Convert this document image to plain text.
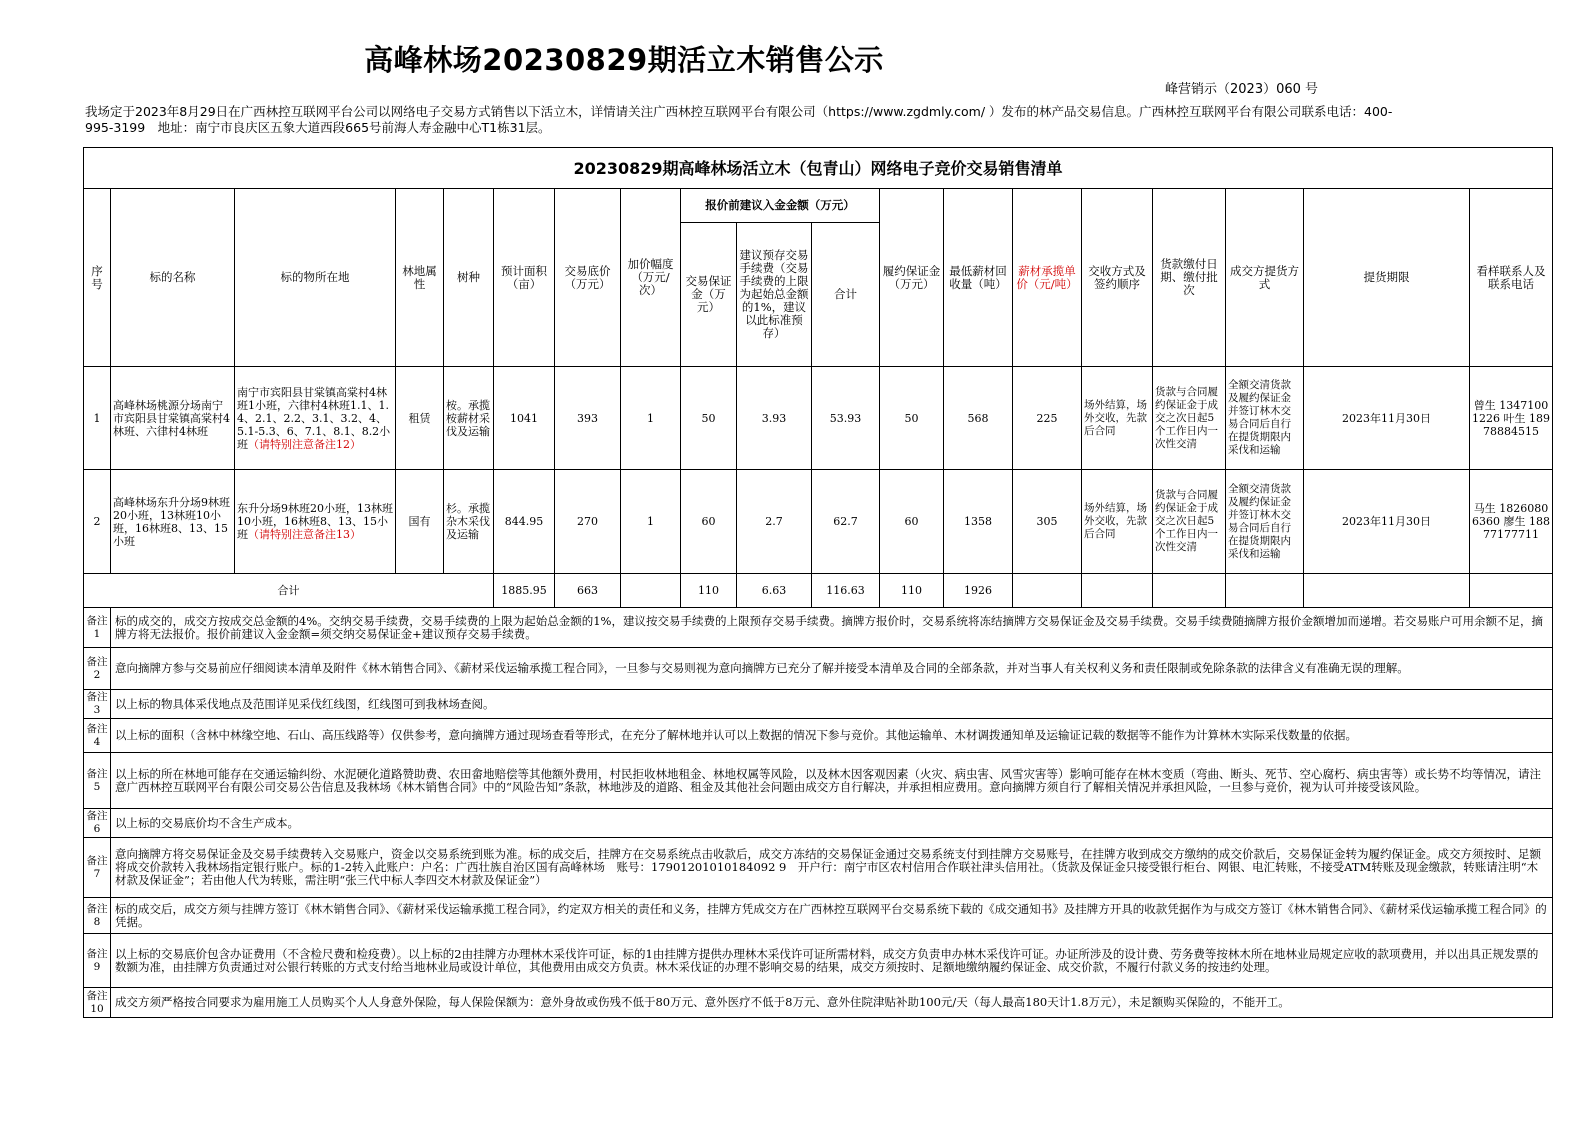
高峰林场20230829期活立木销售公示
峰营销示（2023）060 号
我场定于2023年8月29日在广西林控互联网平台公司以网络电子交易方式销售以下活立木，详情请关注广西林控互联网平台有限公司（https://www.zgdmly.com/ ）发布的林产品交易信息。广西林控互联网平台有限公司联系电话：400-995-3199　地址：南宁市良庆区五象大道西段665号前海人寿金融中心T1栋31层。
20230829期高峰林场活立木（包青山）网络电子竞价交易销售清单																		
序号	标的名称	标的物所在地	林地属性	树种	预计面积（亩）	交易底价（万元）	加价幅度（万元/次）	报价前建议入金金额（万元）			履约保证金（万元）	最低薪材回收量（吨）	薪材承揽单价（元/吨）	交收方式及签约顺序	货款缴付日期、缴付批次	成交方提货方式	提货期限	看样联系人及联系电话
								交易保证金（万元）	建议预存交易手续费（交易手续费的上限为起始总金额的1%，建议以此标准预存）	合计								
1	高峰林场桃源分场南宁市宾阳县甘棠镇高棠村4林班、六律村4林班	南宁市宾阳县甘棠镇高棠村4林班1小班，六律村4林班1.1、1.4、2.1、2.2、3.1、3.2、4、5.1-5.3、6、7.1、8.1、8.2小班（请特别注意备注12）	租赁	桉。承揽桉薪材采伐及运输	1041	393	1	50	3.93	53.93	50	568	225	场外结算，场外交收，先款后合同	货款与合同履约保证金于成交之次日起5个工作日内一次性交清	全额交清货款及履约保证金并签订林木交易合同后自行在提货期限内采伐和运输	2023年11月30日	曾生 13471001226 叶生 18978884515
2	高峰林场东升分场9林班20小班，13林班10小班，16林班8、13、15小班	东升分场9林班20小班，13林班10小班，16林班8、13、15小班（请特别注意备注13）	国有	杉。承揽杂木采伐及运输	844.95	270	1	60	2.7	62.7	60	1358	305	场外结算，场外交收，先款后合同	货款与合同履约保证金于成交之次日起5个工作日内一次性交清	全额交清货款及履约保证金并签订林木交易合同后自行在提货期限内采伐和运输	2023年11月30日	马生 18260806360 廖生 18877177711
合计					1885.95	663		110	6.63	116.63	110	1926						
备注1	标的成交的，成交方按成交总金额的4%。交纳交易手续费，交易手续费的上限为起始总金额的1%，建议按交易手续费的上限预存交易手续费。摘牌方报价时，交易系统将冻结摘牌方交易保证金及交易手续费。交易手续费随摘牌方报价金额增加而递增。若交易账户可用余额不足，摘牌方将无法报价。报价前建议入金金额=须交纳交易保证金+建议预存交易手续费。																	
备注2	意向摘牌方参与交易前应仔细阅读本清单及附件《林木销售合同》、《薪材采伐运输承揽工程合同》，一旦参与交易则视为意向摘牌方已充分了解并接受本清单及合同的全部条款，并对当事人有关权利义务和责任限制或免除条款的法律含义有准确无误的理解。																	
备注3	以上标的物具体采伐地点及范围详见采伐红线图，红线图可到我林场查阅。																	
备注4	以上标的面积（含林中林缘空地、石山、高压线路等）仅供参考，意向摘牌方通过现场查看等形式，在充分了解林地并认可以上数据的情况下参与竞价。其他运输单、木材调拨通知单及运输证记载的数据等不能作为计算林木实际采伐数量的依据。																	
备注5	以上标的所在林地可能存在交通运输纠纷、水泥硬化道路赞助费、农田畲地赔偿等其他额外费用，村民拒收林地租金、林地权属等风险，以及林木因客观因素（火灾、病虫害、风雪灾害等）影响可能存在林木变质（弯曲、断头、死节、空心腐朽、病虫害等）或长势不均等情况，请注意广西林控互联网平台有限公司交易公告信息及我林场《林木销售合同》中的“风险告知”条款，林地涉及的道路、租金及其他社会问题由成交方自行解决，并承担相应费用。意向摘牌方须自行了解相关情况并承担风险，一旦参与竞价，视为认可并接受该风险。																	
备注6	以上标的交易底价均不含生产成本。																	
备注7	意向摘牌方将交易保证金及交易手续费转入交易账户，资金以交易系统到账为准。标的成交后，挂牌方在交易系统点击收款后，成交方冻结的交易保证金通过交易系统支付到挂牌方交易账号，在挂牌方收到成交方缴纳的成交价款后，交易保证金转为履约保证金。成交方须按时、足额将成交价款转入我林场指定银行账户。标的1-2转入此账户：户名：广西壮族自治区国有高峰林场　账号：17901201010184092 9　开户行：南宁市区农村信用合作联社津头信用社。（货款及保证金只接受银行柜台、网银、电汇转账，不接受ATM转账及现金缴款，转账请注明“木材款及保证金”；若由他人代为转账，需注明“张三代中标人李四交木材款及保证金”）																	
备注8	标的成交后，成交方须与挂牌方签订《林木销售合同》、《薪材采伐运输承揽工程合同》，约定双方相关的责任和义务，挂牌方凭成交方在广西林控互联网平台交易系统下载的《成交通知书》及挂牌方开具的收款凭据作为与成交方签订《林木销售合同》、《薪材采伐运输承揽工程合同》的凭据。																	
备注9	以上标的交易底价包含办证费用（不含检尺费和检疫费）。以上标的2由挂牌方办理林木采伐许可证，标的1由挂牌方提供办理林木采伐许可证所需材料，成交方负责申办林木采伐许可证。办证所涉及的设计费、劳务费等按林木所在地林业局规定应收的款项费用，并以出具正规发票的数额为准，由挂牌方负责通过对公银行转账的方式支付给当地林业局或设计单位，其他费用由成交方负责。林木采伐证的办理不影响交易的结果，成交方须按时、足额地缴纳履约保证金、成交价款，不履行付款义务的按违约处理。																	
备注10	成交方须严格按合同要求为雇用施工人员购买个人人身意外保险，每人保险保额为：意外身故或伤残不低于80万元、意外医疗不低于8万元、意外住院津贴补助100元/天（每人最高180天计1.8万元），未足额购买保险的，不能开工。																	
